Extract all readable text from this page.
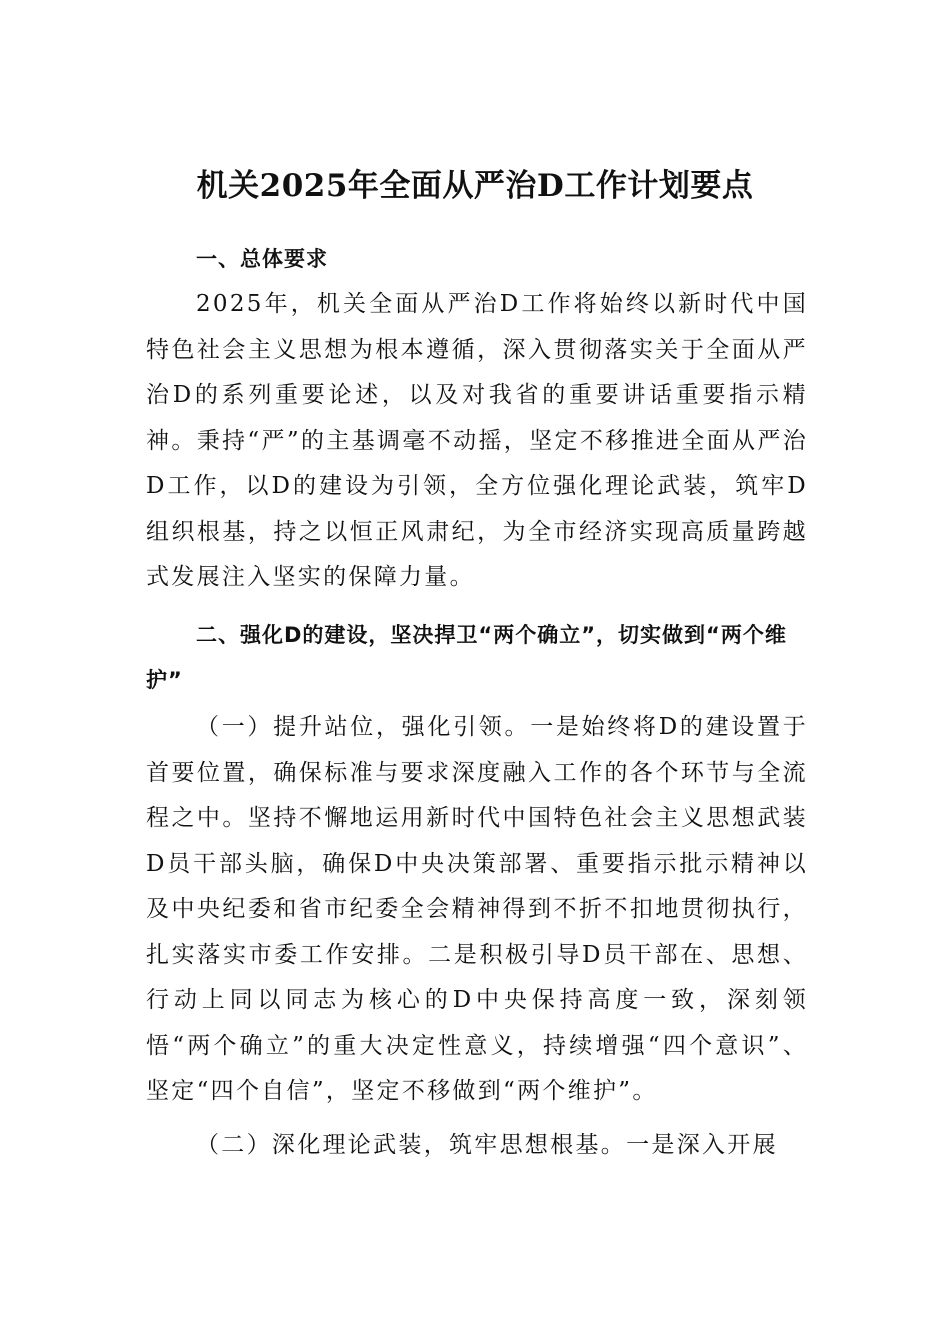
机关2025年全面从严治D工作计划要点

一、总体要求

2025年，机关全面从严治D工作将始终以新时代中国特色社会主义思想为根本遵循，深入贯彻落实关于全面从严治D的系列重要论述，以及对我省的重要讲话重要指示精神。秉持“严”的主基调毫不动摇，坚定不移推进全面从严治D工作，以D的建设为引领，全方位强化理论武装，筑牢D组织根基，持之以恒正风肃纪，为全市经济实现高质量跨越式发展注入坚实的保障力量。

二、强化D的建设，坚决捍卫“两个确立”，切实做到“两个维护”

（一）提升站位，强化引领。一是始终将D的建设置于首要位置，确保标准与要求深度融入工作的各个环节与全流程之中。坚持不懈地运用新时代中国特色社会主义思想武装D员干部头脑，确保D中央决策部署、重要指示批示精神以及中央纪委和省市纪委全会精神得到不折不扣地贯彻执行，扎实落实市委工作安排。二是积极引导D员干部在、思想、行动上同以同志为核心的D中央保持高度一致，深刻领悟“两个确立”的重大决定性意义，持续增强“四个意识”、坚定“四个自信”，坚定不移做到“两个维护”。

（二）深化理论武装，筑牢思想根基。一是深入开展
